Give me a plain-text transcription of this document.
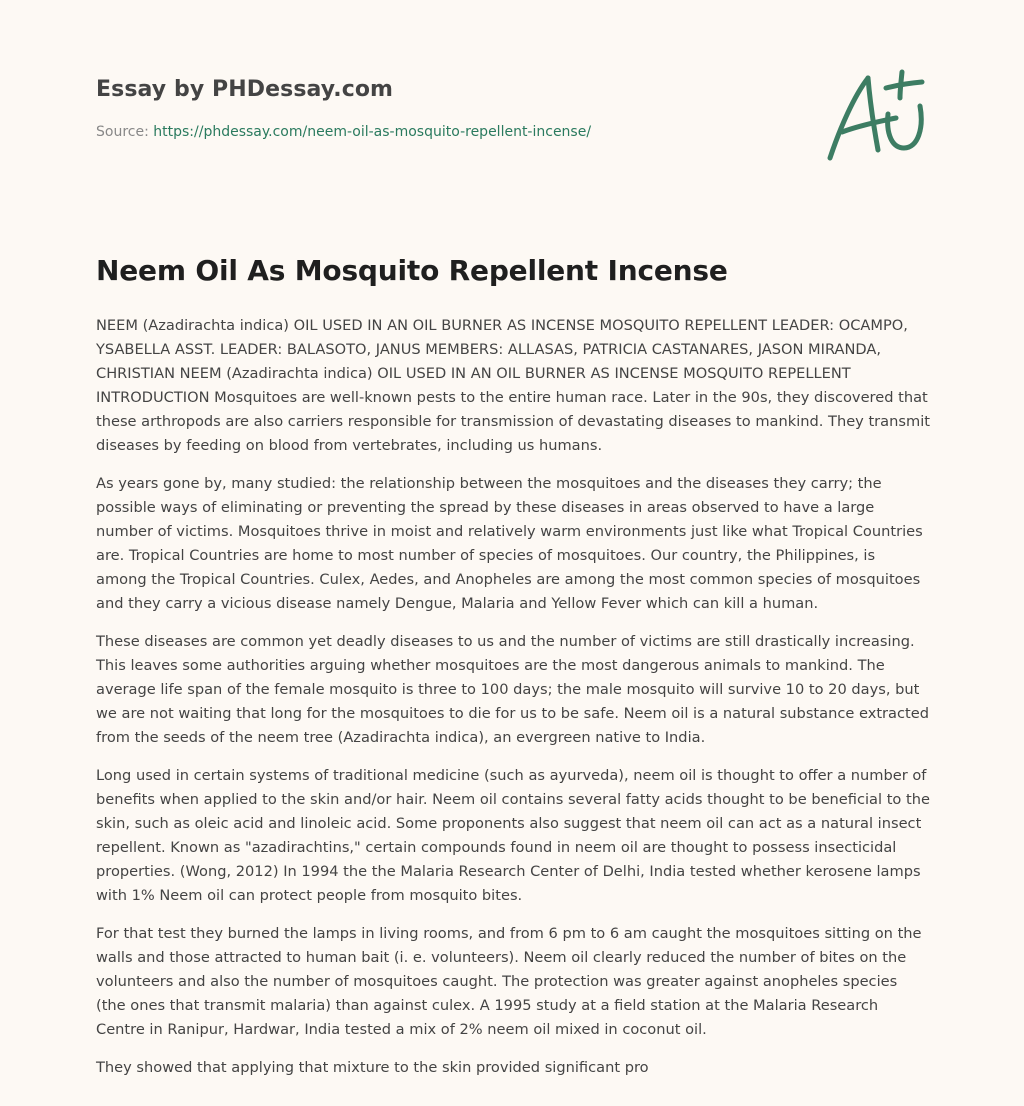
Essay by PHDessay.com
Source: https://phdessay.com/neem-oil-as-mosquito-repellent-incense/
Neem Oil As Mosquito Repellent Incense

NEEM (Azadirachta indica) OIL USED IN AN OIL BURNER AS INCENSE MOSQUITO REPELLENT LEADER: OCAMPO, YSABELLA ASST. LEADER: BALASOTO, JANUS MEMBERS: ALLASAS, PATRICIA CASTANARES, JASON MIRANDA, CHRISTIAN NEEM (Azadirachta indica) OIL USED IN AN OIL BURNER AS INCENSE MOSQUITO REPELLENT INTRODUCTION Mosquitoes are well-known pests to the entire human race. Later in the 90s, they discovered that these arthropods are also carriers responsible for transmission of devastating diseases to mankind. They transmit diseases by feeding on blood from vertebrates, including us humans.

As years gone by, many studied: the relationship between the mosquitoes and the diseases they carry; the possible ways of eliminating or preventing the spread by these diseases in areas observed to have a large number of victims. Mosquitoes thrive in moist and relatively warm environments just like what Tropical Countries are. Tropical Countries are home to most number of species of mosquitoes. Our country, the Philippines, is among the Tropical Countries. Culex, Aedes, and Anopheles are among the most common species of mosquitoes and they carry a vicious disease namely Dengue, Malaria and Yellow Fever which can kill a human.

These diseases are common yet deadly diseases to us and the number of victims are still drastically increasing. This leaves some authorities arguing whether mosquitoes are the most dangerous animals to mankind. The average life span of the female mosquito is three to 100 days; the male mosquito will survive 10 to 20 days, but we are not waiting that long for the mosquitoes to die for us to be safe. Neem oil is a natural substance extracted from the seeds of the neem tree (Azadirachta indica), an evergreen native to India.

Long used in certain systems of traditional medicine (such as ayurveda), neem oil is thought to offer a number of benefits when applied to the skin and/or hair. Neem oil contains several fatty acids thought to be beneficial to the skin, such as oleic acid and linoleic acid. Some proponents also suggest that neem oil can act as a natural insect repellent. Known as "azadirachtins," certain compounds found in neem oil are thought to possess insecticidal properties. (Wong, 2012) In 1994 the the Malaria Research Center of Delhi, India tested whether kerosene lamps with 1% Neem oil can protect people from mosquito bites.

For that test they burned the lamps in living rooms, and from 6 pm to 6 am caught the mosquitoes sitting on the walls and those attracted to human bait (i. e. volunteers). Neem oil clearly reduced the number of bites on the volunteers and also the number of mosquitoes caught. The protection was greater against anopheles species (the ones that transmit malaria) than against culex. A 1995 study at a field station at the Malaria Research Centre in Ranipur, Hardwar, India tested a mix of 2% neem oil mixed in coconut oil.

They showed that applying that mixture to the skin provided significant pro
